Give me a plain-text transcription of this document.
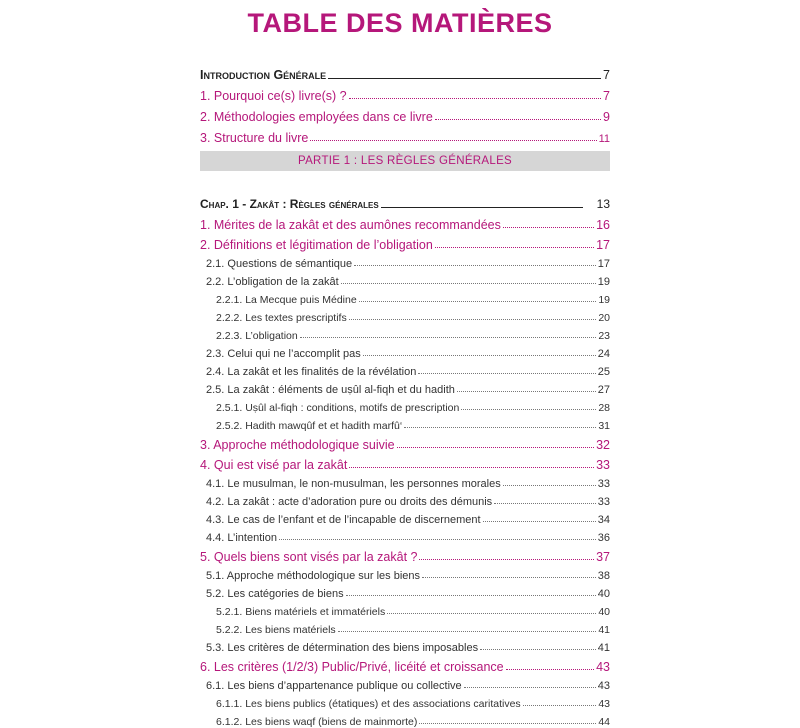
TABLE DES MATIÈRES
Introduction Générale	7
1. Pourquoi ce(s) livre(s) ?	7
2. Méthodologies employées dans ce livre	9
3. Structure du livre	11
PARTIE 1 : LES RÈGLES GÉNÉRALES
Chap. 1 - Zakât : Règles générales	13
1. Mérites de la zakât et des aumônes recommandées	16
2. Définitions et légitimation de l’obligation	17
2.1. Questions de sémantique	17
2.2. L’obligation de la zakât	19
2.2.1. La Mecque puis Médine	19
2.2.2. Les textes prescriptifs	20
2.2.3. L’obligation	23
2.3. Celui qui ne l’accomplit pas	24
2.4. La zakât et les finalités de la révélation	25
2.5. La zakât : éléments de uṣûl al-fiqh et du hadith	27
2.5.1. Uṣûl al-fiqh : conditions, motifs de prescription	28
2.5.2. Hadith mawqûf et et hadith marfû‘	31
3. Approche méthodologique suivie	32
4. Qui est visé par la zakât	33
4.1. Le musulman, le non-musulman, les personnes morales	33
4.2. La zakât : acte d’adoration pure ou droits des démunis	33
4.3. Le cas de l’enfant et de l’incapable de discernement	34
4.4. L’intention	36
5. Quels biens sont visés par la zakât ?	37
5.1. Approche méthodologique sur les biens	38
5.2. Les catégories de biens	40
5.2.1. Biens matériels et immatériels	40
5.2.2. Les biens matériels	41
5.3. Les critères de détermination des biens imposables	41
6. Les critères (1/2/3) Public/Privé, licéité et croissance	43
6.1. Les biens d’appartenance publique ou collective	43
6.1.1. Les biens publics (étatiques) et des associations caritatives	43
6.1.2. Les biens waqf (biens de mainmorte)	44
